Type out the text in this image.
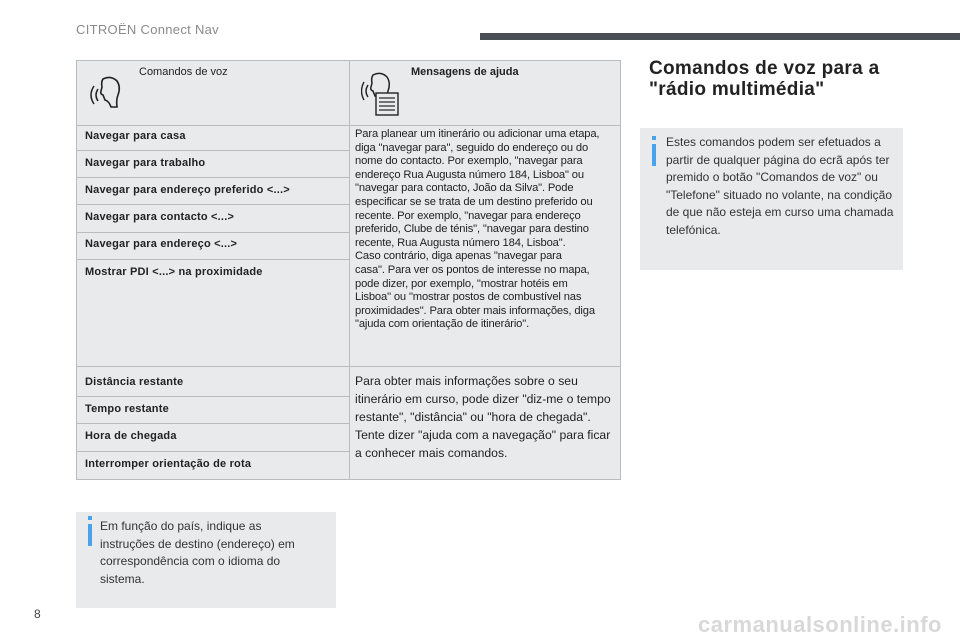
CITROËN Connect Nav
Comandos de voz	Mensagens de ajuda
Navegar para casa
Navegar para trabalho
Navegar para endereço preferido <...>
Navegar para contacto <...>
Navegar para endereço <...>
Mostrar PDI <...> na proximidade
Para planear um itinerário ou adicionar uma etapa,
diga "navegar para", seguido do endereço ou do
nome do contacto. Por exemplo, "navegar para
endereço Rua Augusta número 184, Lisboa" ou
"navegar para contacto, João da Silva". Pode
especificar se se trata de um destino preferido ou
recente. Por exemplo, "navegar para endereço
preferido, Clube de ténis", "navegar para destino
recente, Rua Augusta número 184, Lisboa".
Caso contrário, diga apenas "navegar para
casa". Para ver os pontos de interesse no mapa,
pode dizer, por exemplo, "mostrar hotéis em
Lisboa" ou "mostrar postos de combustível nas
proximidades". Para obter mais informações, diga
"ajuda com orientação de itinerário".
Distância restante
Tempo restante
Hora de chegada
Interromper orientação de rota
Para obter mais informações sobre o seu
itinerário em curso, pode dizer "diz-me o tempo
restante", "distância" ou "hora de chegada".
Tente dizer "ajuda com a navegação" para ficar
a conhecer mais comandos.
Em função do país, indique as
instruções de destino (endereço) em
correspondência com o idioma do
sistema.
Comandos de voz para a
"rádio multimédia"
Estes comandos podem ser efetuados a
partir de qualquer página do ecrã após ter
premido o botão "Comandos de voz" ou
"Telefone" situado no volante, na condição
de que não esteja em curso uma chamada
telefónica.
8	carmanualsonline.info
